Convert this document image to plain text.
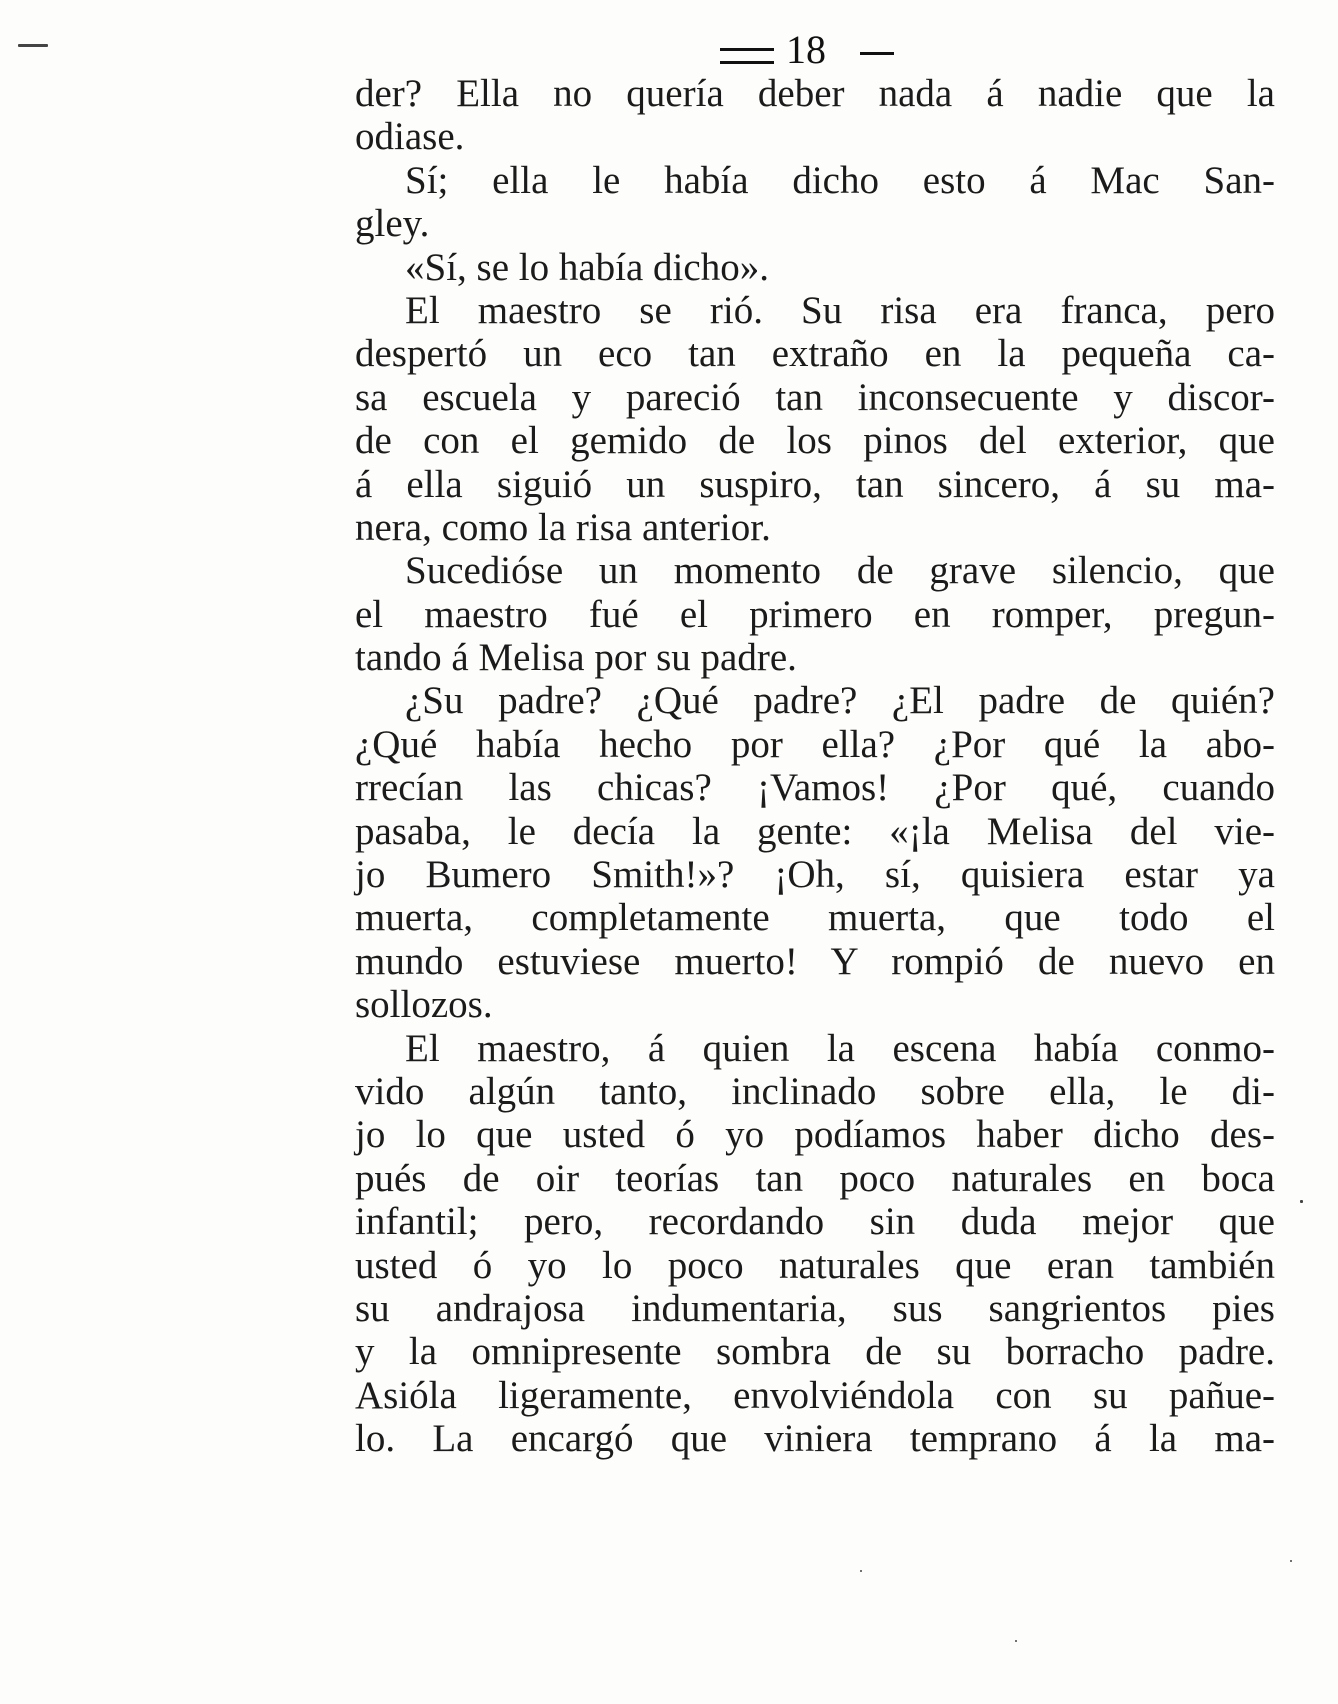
18
der? Ella no quería deber nada á nadie que la
odiase.
Sí; ella le había dicho esto á Mac San-
gley.
«Sí, se lo había dicho».
El maestro se rió. Su risa era franca, pero
despertó un eco tan extraño en la pequeña ca-
sa escuela y pareció tan inconsecuente y discor-
de con el gemido de los pinos del exterior, que
á ella siguió un suspiro, tan sincero, á su ma-
nera, como la risa anterior.
Sucedióse un momento de grave silencio, que
el maestro fué el primero en romper, pregun-
tando á Melisa por su padre.
¿Su padre? ¿Qué padre? ¿El padre de quién?
¿Qué había hecho por ella? ¿Por qué la abo-
rrecían las chicas? ¡Vamos! ¿Por qué, cuando
pasaba, le decía la gente: «¡la Melisa del vie-
jo Bumero Smith!»? ¡Oh, sí, quisiera estar ya
muerta, completamente muerta, que todo el
mundo estuviese muerto! Y rompió de nuevo en
sollozos.
El maestro, á quien la escena había conmo-
vido algún tanto, inclinado sobre ella, le di-
jo lo que usted ó yo podíamos haber dicho des-
pués de oir teorías tan poco naturales en boca
infantil; pero, recordando sin duda mejor que
usted ó yo lo poco naturales que eran también
su andrajosa indumentaria, sus sangrientos pies
y la omnipresente sombra de su borracho padre.
Asióla ligeramente, envolviéndola con su pañue-
lo. La encargó que viniera temprano á la ma-
